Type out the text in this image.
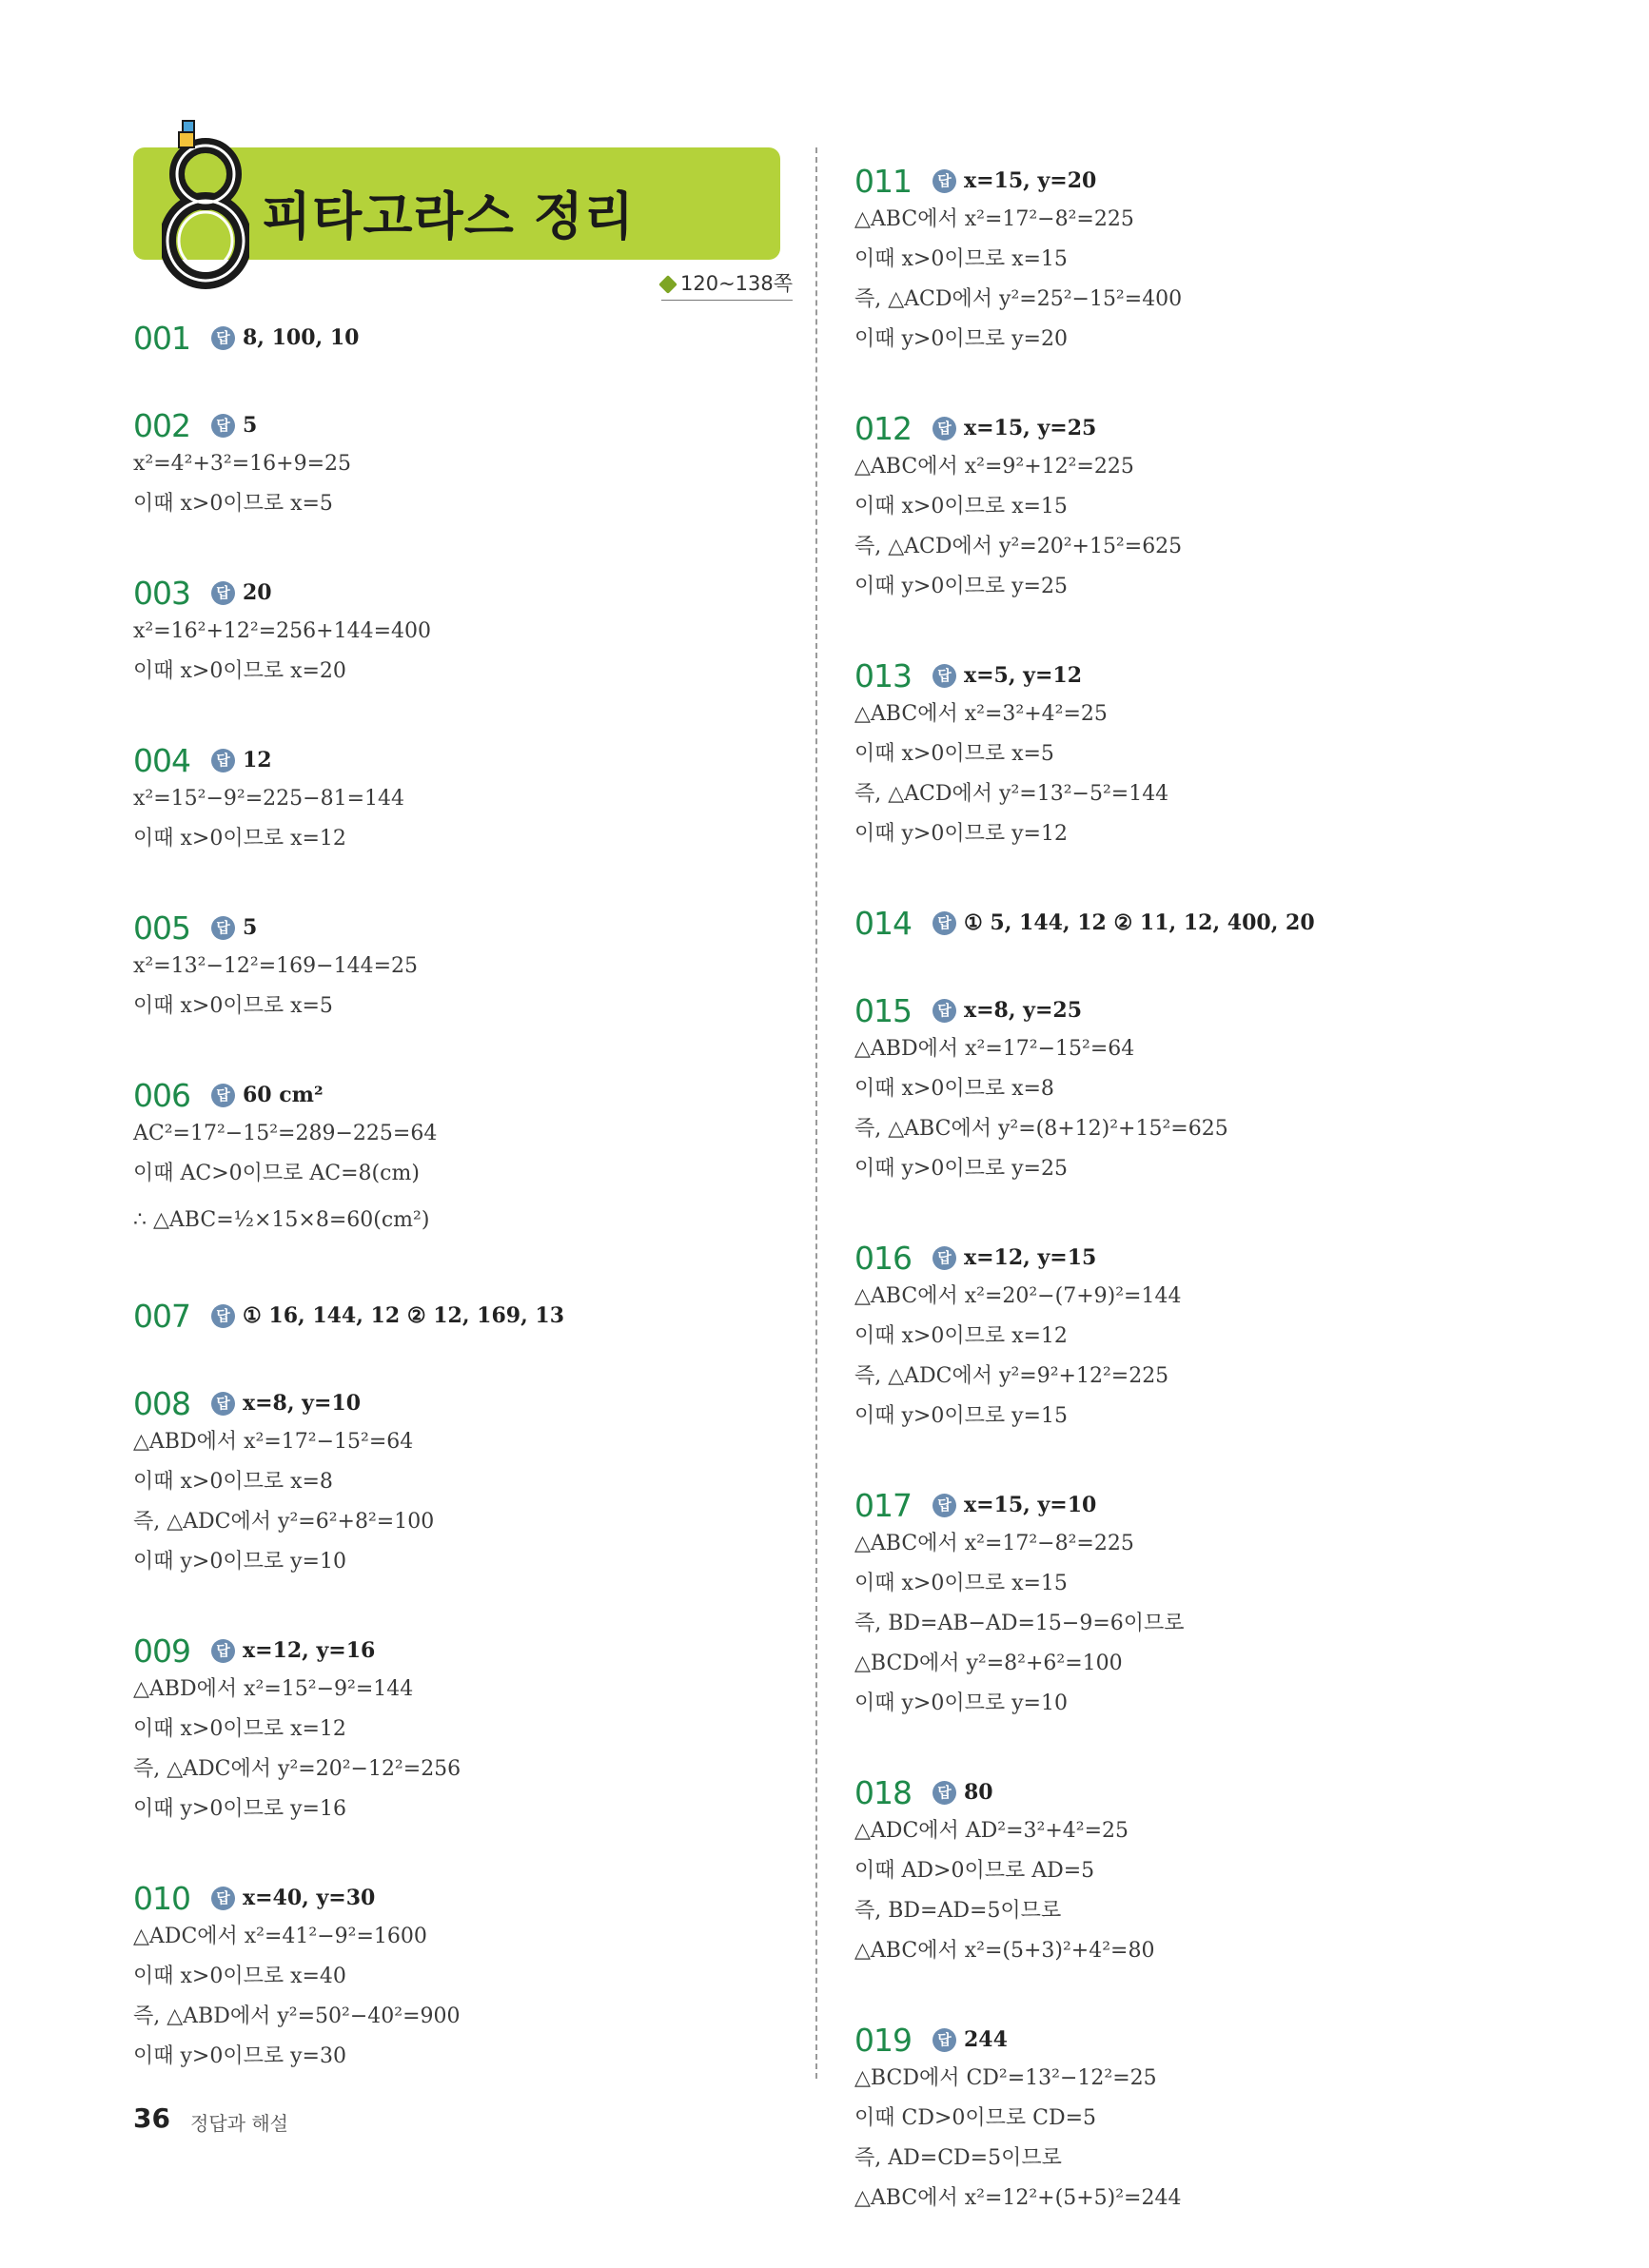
피타고라스 정리
120~138쪽
001	답 8, 100, 10
002	답 5
x²=4²+3²=16+9=25
이때 x>0이므로 x=5
003	답 20
x²=16²+12²=256+144=400
이때 x>0이므로 x=20
004	답 12
x²=15²−9²=225−81=144
이때 x>0이므로 x=12
005	답 5
x²=13²−12²=169−144=25
이때 x>0이므로 x=5
006	답 60 cm²
AC²=17²−15²=289−225=64
이때 AC>0이므로 AC=8(cm)
∴ △ABC=½×15×8=60(cm²)
007	답 ① 16, 144, 12 ② 12, 169, 13
008	답 x=8, y=10
△ABD에서 x²=17²−15²=64
이때 x>0이므로 x=8
즉, △ADC에서 y²=6²+8²=100
이때 y>0이므로 y=10
009	답 x=12, y=16
△ABD에서 x²=15²−9²=144
이때 x>0이므로 x=12
즉, △ADC에서 y²=20²−12²=256
이때 y>0이므로 y=16
010	답 x=40, y=30
△ADC에서 x²=41²−9²=1600
이때 x>0이므로 x=40
즉, △ABD에서 y²=50²−40²=900
이때 y>0이므로 y=30
011	답 x=15, y=20
△ABC에서 x²=17²−8²=225
이때 x>0이므로 x=15
즉, △ACD에서 y²=25²−15²=400
이때 y>0이므로 y=20
012	답 x=15, y=25
△ABC에서 x²=9²+12²=225
이때 x>0이므로 x=15
즉, △ACD에서 y²=20²+15²=625
이때 y>0이므로 y=25
013	답 x=5, y=12
△ABC에서 x²=3²+4²=25
이때 x>0이므로 x=5
즉, △ACD에서 y²=13²−5²=144
이때 y>0이므로 y=12
014	답 ① 5, 144, 12 ② 11, 12, 400, 20
015	답 x=8, y=25
△ABD에서 x²=17²−15²=64
이때 x>0이므로 x=8
즉, △ABC에서 y²=(8+12)²+15²=625
이때 y>0이므로 y=25
016	답 x=12, y=15
△ABC에서 x²=20²−(7+9)²=144
이때 x>0이므로 x=12
즉, △ADC에서 y²=9²+12²=225
이때 y>0이므로 y=15
017	답 x=15, y=10
△ABC에서 x²=17²−8²=225
이때 x>0이므로 x=15
즉, BD=AB−AD=15−9=6이므로
△BCD에서 y²=8²+6²=100
이때 y>0이므로 y=10
018	답 80
△ADC에서 AD²=3²+4²=25
이때 AD>0이므로 AD=5
즉, BD=AD=5이므로
△ABC에서 x²=(5+3)²+4²=80
019	답 244
△BCD에서 CD²=13²−12²=25
이때 CD>0이므로 CD=5
즉, AD=CD=5이므로
△ABC에서 x²=12²+(5+5)²=244
36 정답과 해설
